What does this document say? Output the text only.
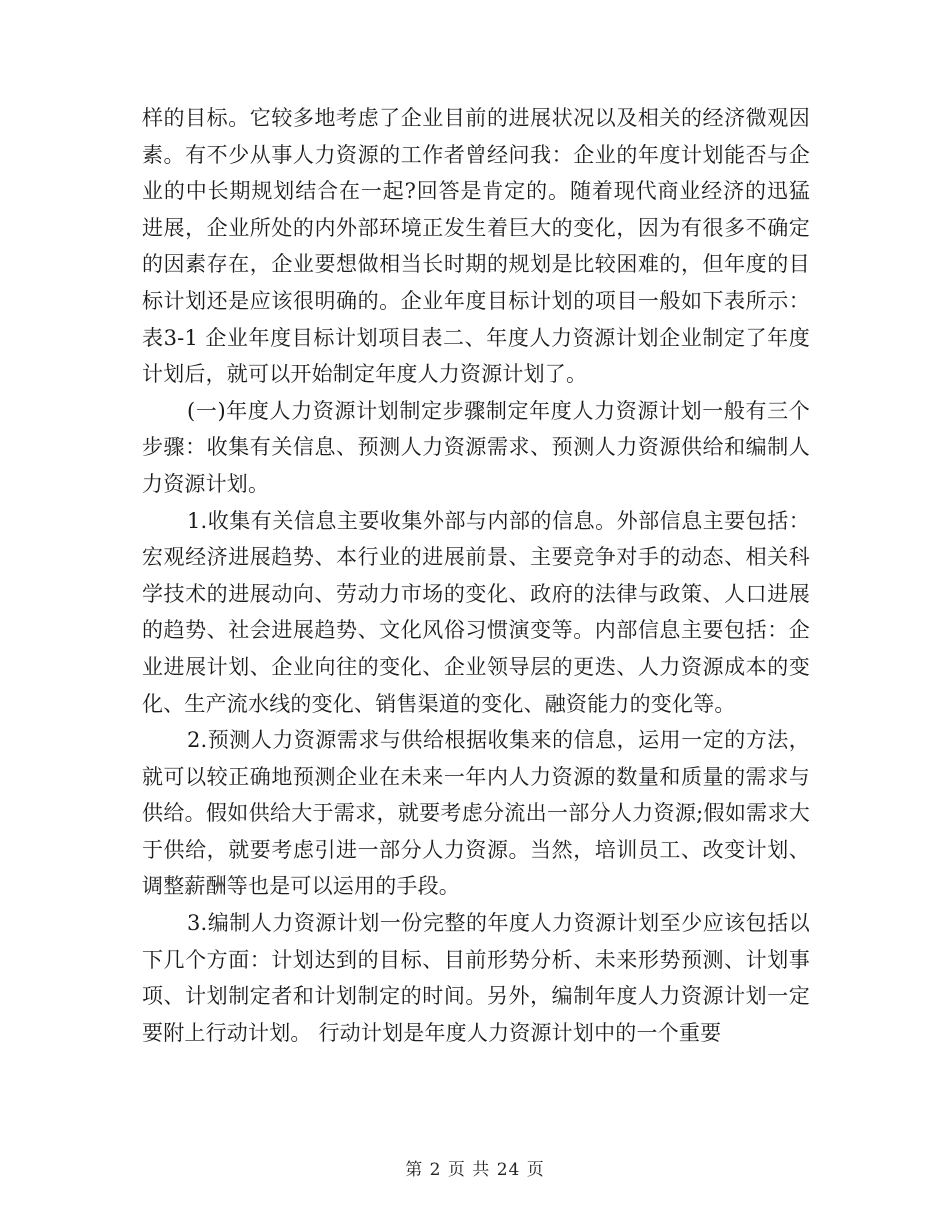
样的目标。它较多地考虑了企业目前的进展状况以及相关的经济微观因素。有不少从事人力资源的工作者曾经问我：企业的年度计划能否与企业的中长期规划结合在一起?回答是肯定的。随着现代商业经济的迅猛进展，企业所处的内外部环境正发生着巨大的变化，因为有很多不确定的因素存在，企业要想做相当长时期的规划是比较困难的，但年度的目标计划还是应该很明确的。企业年度目标计划的项目一般如下表所示：表3-1 企业年度目标计划项目表二、年度人力资源计划企业制定了年度计划后，就可以开始制定年度人力资源计划了。

(一)年度人力资源计划制定步骤制定年度人力资源计划一般有三个步骤：收集有关信息、预测人力资源需求、预测人力资源供给和编制人力资源计划。

1.收集有关信息主要收集外部与内部的信息。外部信息主要包括：宏观经济进展趋势、本行业的进展前景、主要竞争对手的动态、相关科学技术的进展动向、劳动力市场的变化、政府的法律与政策、人口进展的趋势、社会进展趋势、文化风俗习惯演变等。内部信息主要包括：企业进展计划、企业向往的变化、企业领导层的更迭、人力资源成本的变化、生产流水线的变化、销售渠道的变化、融资能力的变化等。

2.预测人力资源需求与供给根据收集来的信息，运用一定的方法，就可以较正确地预测企业在未来一年内人力资源的数量和质量的需求与供给。假如供给大于需求，就要考虑分流出一部分人力资源;假如需求大于供给，就要考虑引进一部分人力资源。当然，培训员工、改变计划、调整薪酬等也是可以运用的手段。

3.编制人力资源计划一份完整的年度人力资源计划至少应该包括以下几个方面：计划达到的目标、目前形势分析、未来形势预测、计划事项、计划制定者和计划制定的时间。另外，编制年度人力资源计划一定要附上行动计划。 行动计划是年度人力资源计划中的一个重要

第 2 页 共 24 页
